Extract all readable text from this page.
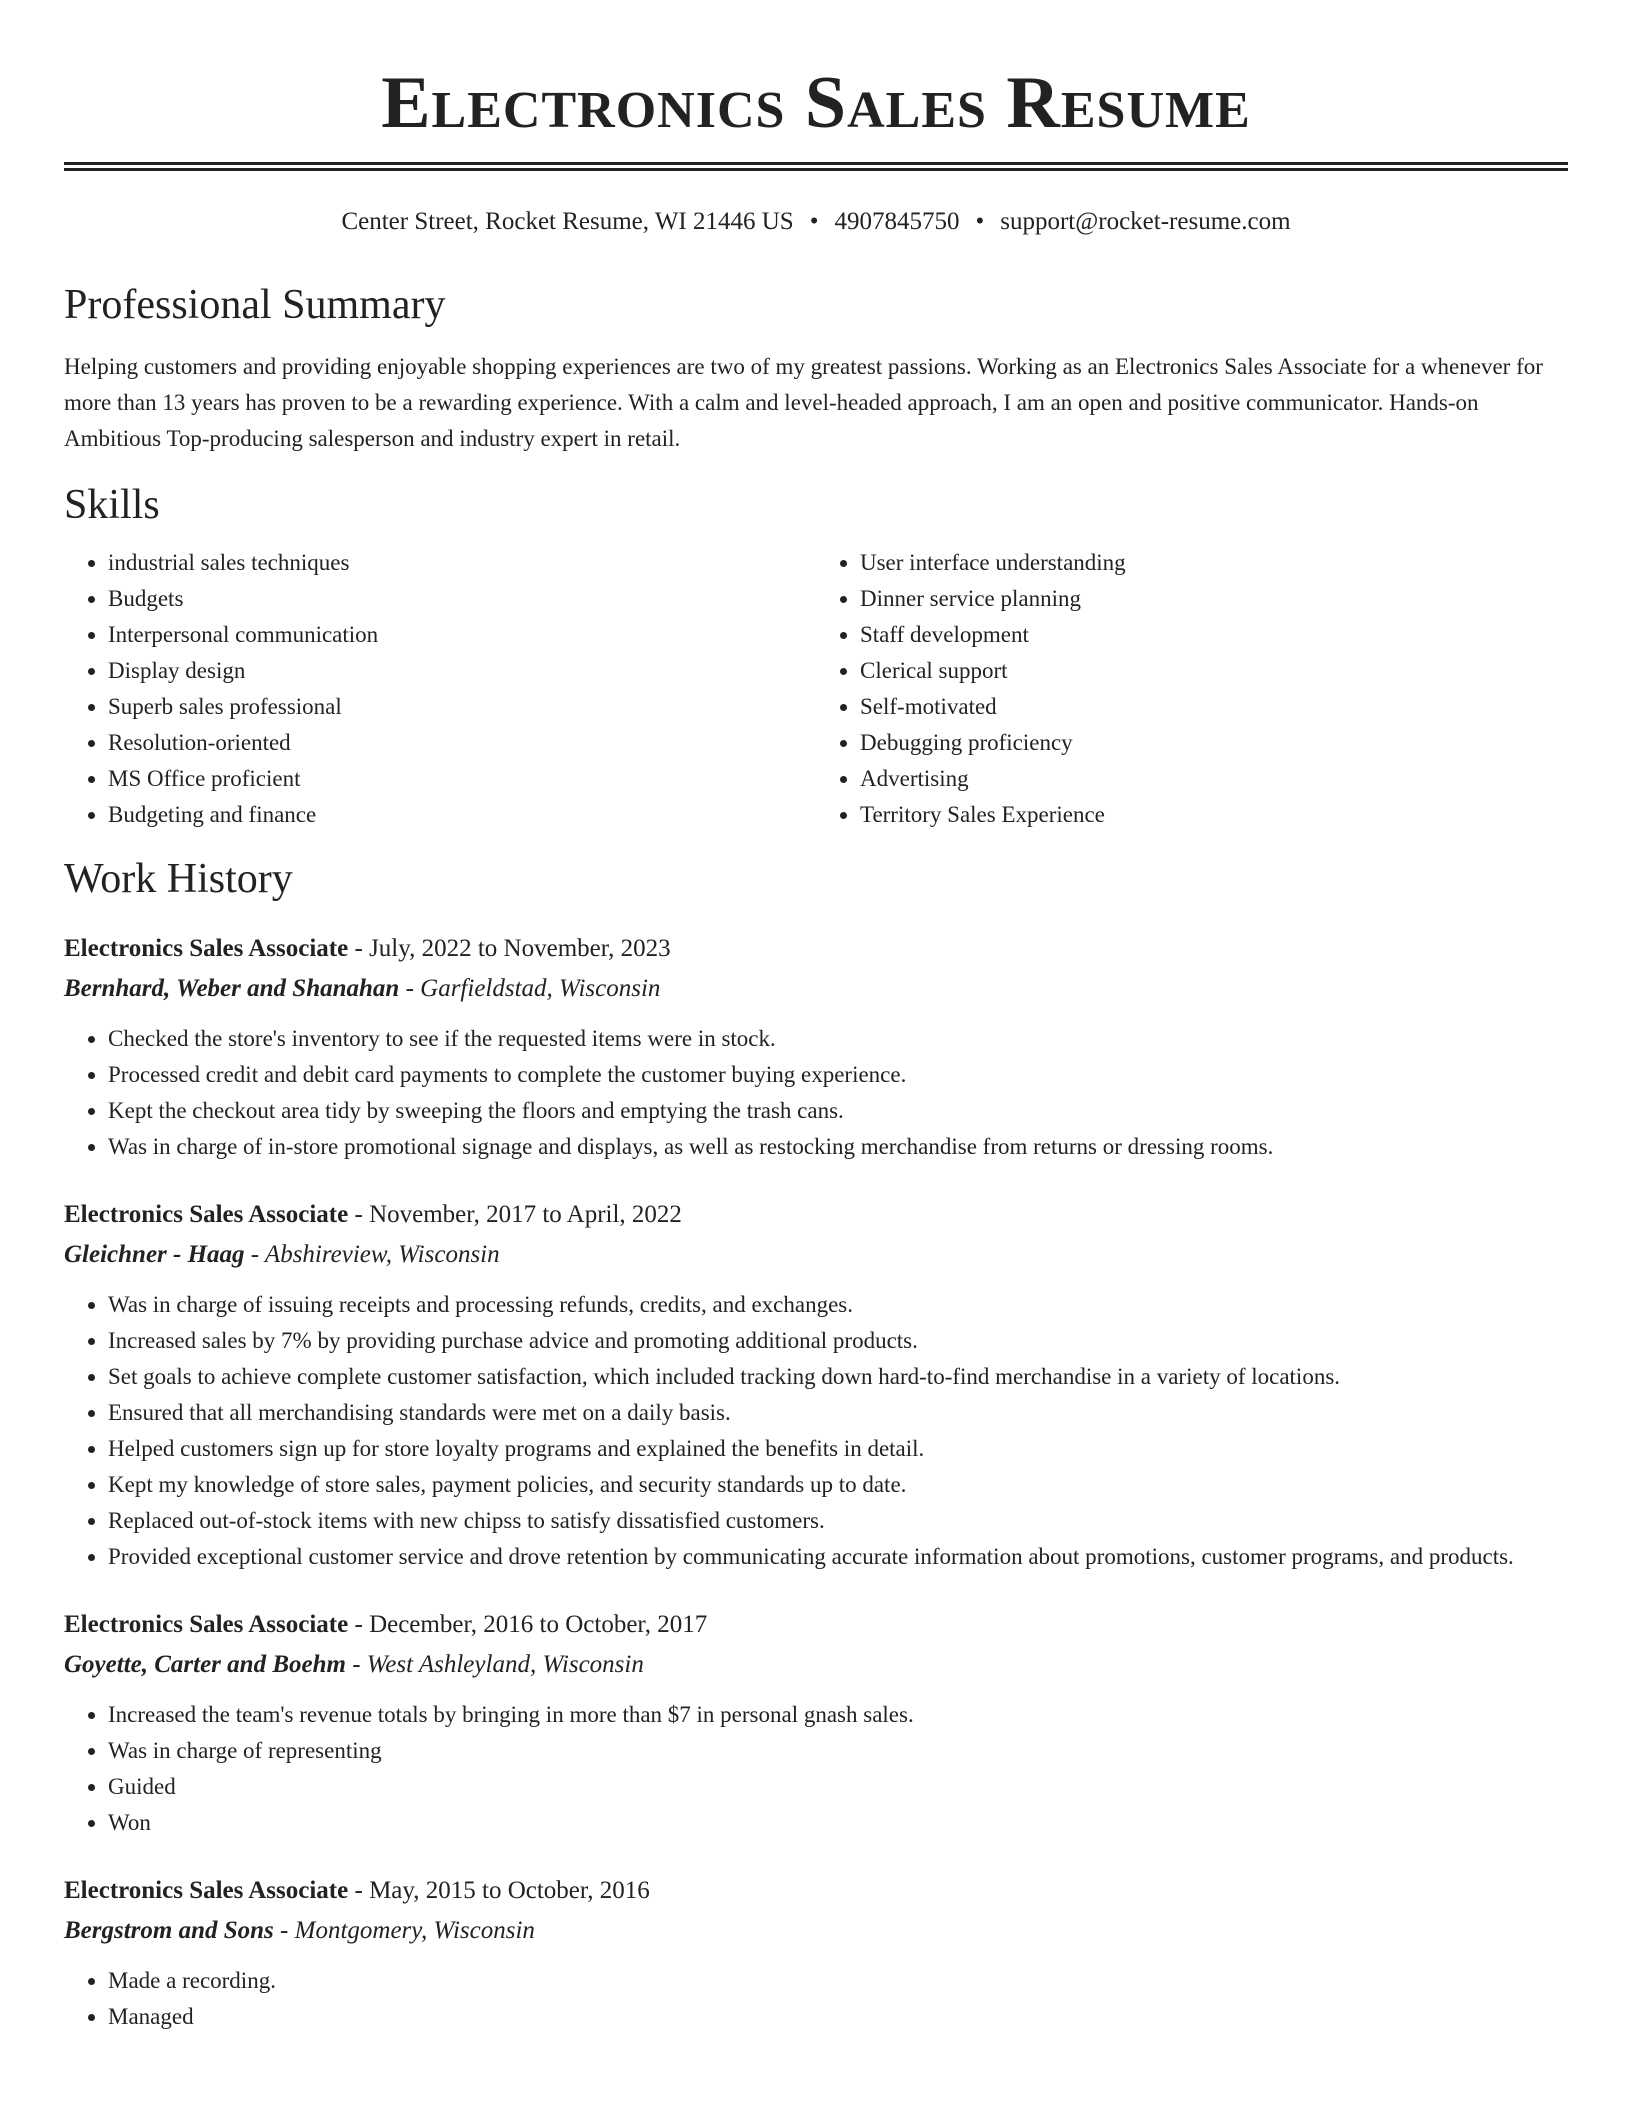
Electronics Sales Resume
Center Street, Rocket Resume, WI 21446 US • 4907845750 • support@rocket-resume.com
Professional Summary

Helping customers and providing enjoyable shopping experiences are two of my greatest passions. Working as an Electronics Sales Associate for a whenever for more than 13 years has proven to be a rewarding experience. With a calm and level-headed approach, I am an open and positive communicator. Hands-on Ambitious Top-producing salesperson and industry expert in retail.

Skills
• industrial sales techniques
• Budgets
• Interpersonal communication
• Display design
• Superb sales professional
• Resolution-oriented
• MS Office proficient
• Budgeting and finance
• User interface understanding
• Dinner service planning
• Staff development
• Clerical support
• Self-motivated
• Debugging proficiency
• Advertising
• Territory Sales Experience
Work History
Electronics Sales Associate - July, 2022 to November, 2023
Bernhard, Weber and Shanahan - Garfieldstad, Wisconsin
• Checked the store's inventory to see if the requested items were in stock.
• Processed credit and debit card payments to complete the customer buying experience.
• Kept the checkout area tidy by sweeping the floors and emptying the trash cans.
• Was in charge of in-store promotional signage and displays, as well as restocking merchandise from returns or dressing rooms.
Electronics Sales Associate - November, 2017 to April, 2022
Gleichner - Haag - Abshireview, Wisconsin
• Was in charge of issuing receipts and processing refunds, credits, and exchanges.
• Increased sales by 7% by providing purchase advice and promoting additional products.
• Set goals to achieve complete customer satisfaction, which included tracking down hard-to-find merchandise in a variety of locations.
• Ensured that all merchandising standards were met on a daily basis.
• Helped customers sign up for store loyalty programs and explained the benefits in detail.
• Kept my knowledge of store sales, payment policies, and security standards up to date.
• Replaced out-of-stock items with new chipss to satisfy dissatisfied customers.
• Provided exceptional customer service and drove retention by communicating accurate information about promotions, customer programs, and products.
Electronics Sales Associate - December, 2016 to October, 2017
Goyette, Carter and Boehm - West Ashleyland, Wisconsin
• Increased the team's revenue totals by bringing in more than $7 in personal gnash sales.
• Was in charge of representing
• Guided
• Won
Electronics Sales Associate - May, 2015 to October, 2016
Bergstrom and Sons - Montgomery, Wisconsin
• Made a recording.
• Managed
